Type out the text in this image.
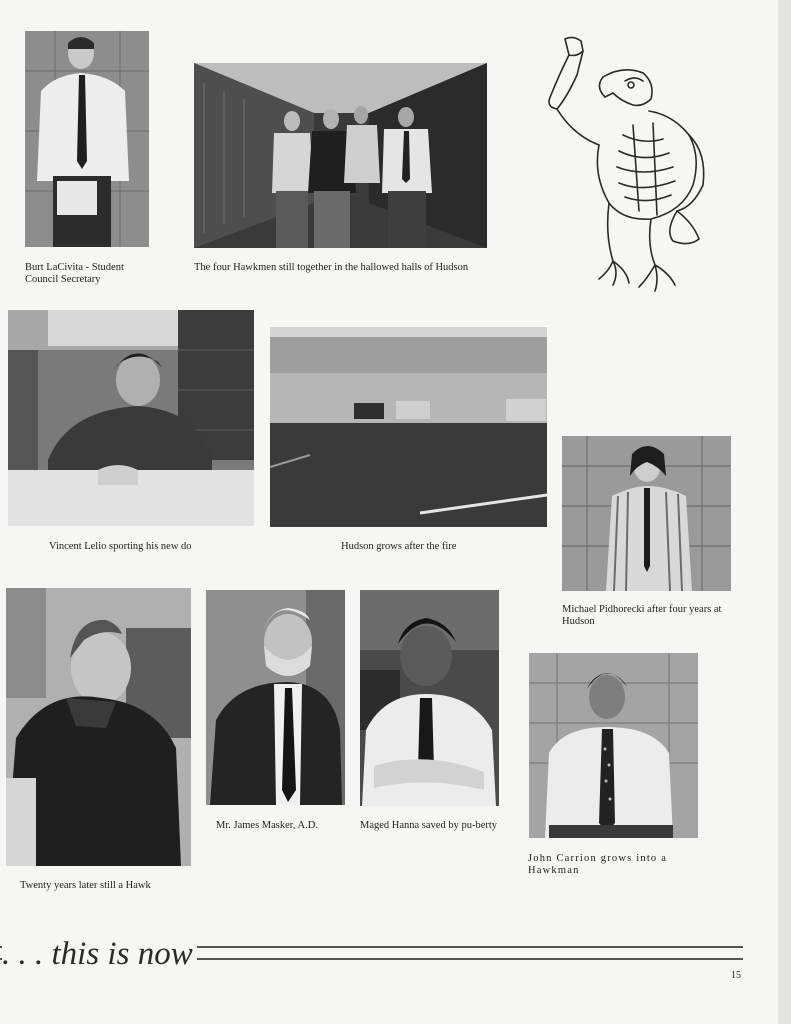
Burt LaCivita - Student Council Secretary
The four Hawkmen still together in the hallowed halls of Hudson
Vincent Lelio sporting his new do	Hudson grows after the fire
Michael Pidhorecki after four years at Hudson
Twenty years later still a Hawk
Mr. James Masker, A.D.	Maged Hanna saved by pu-berty
John Carrion grows into a Hawkman
. . . this is now
15
